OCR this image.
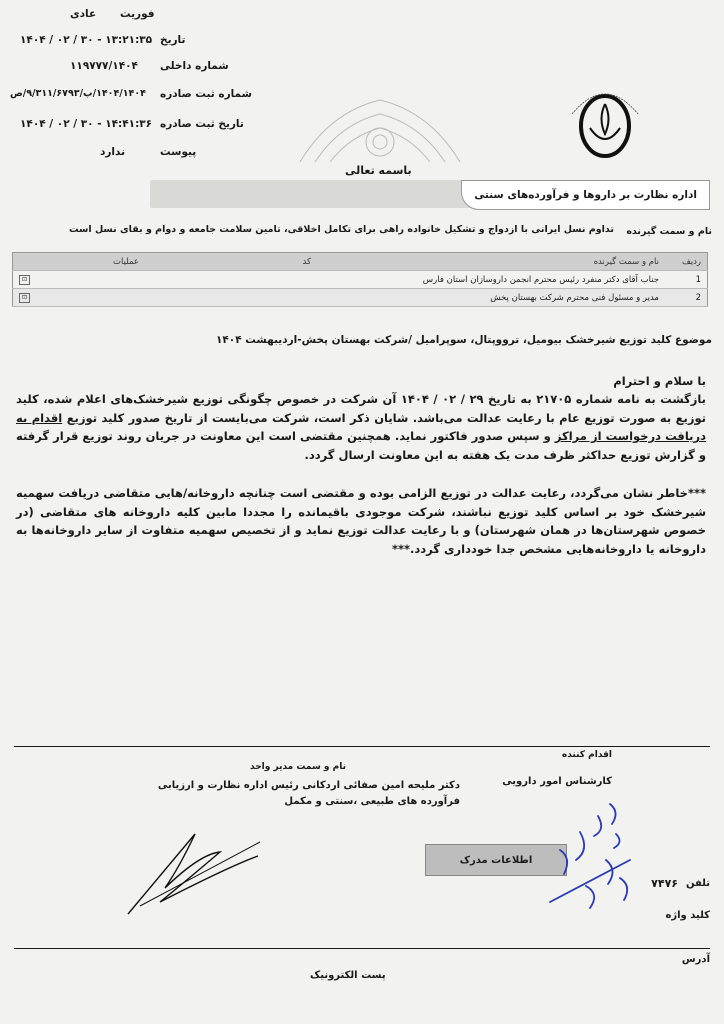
فوریت
عادی
تاریخ
۱۴۰۴ / ۰۲ / ۳۰ - ۱۳:۲۱:۳۵
شماره داخلی
۱۱۹۷۷۷/۱۴۰۴
شماره ثبت صادره
۱۴۰۴/۱۴۰۴/پ/۹/۳۱۱/۶۷۹۳/ص
تاریخ ثبت صادره
۱۴۰۴ / ۰۲ / ۳۰ - ۱۴:۴۱:۳۶
پیوست
ندارد
باسمه تعالی
اداره نظارت بر داروها و فرآورده‌های سنتی
نام و سمت گیرنده
تداوم نسل ایرانی با ازدواج و تشکیل خانواده راهی برای تکامل اخلاقی، تامین سلامت جامعه و دوام و بقای نسل است
ردیف	نام و سمت گیرنده	کد	عملیات
1	جناب آقای دکتر منفرد رئیس محترم انجمن داروسازان استان فارس		⊡
2	مدیر و مسئول فنی محترم شرکت بهستان پخش		⊡
موضوع کلید توزیع شیرخشک بیومیل، ترووپتال، سوپرامیل /شرکت بهستان پخش-اردیبهشت ۱۴۰۴
با سلام و احترام
بازگشت به نامه شماره ۲۱۷۰۵ به تاریخ ۲۹ / ۰۲ / ۱۴۰۴ آن شرکت در خصوص چگونگی توزیع شیرخشک‌های اعلام شده، کلید توزیع به صورت توزیع عام با رعایت عدالت می‌باشد. شایان ذکر است، شرکت می‌بایست از تاریخ صدور کلید توزیع اقدام به دریافت درخواست از مراکز و سپس صدور فاکتور نماید. همچنین مقتضی است این معاونت در جریان روند توزیع قرار گرفته و گزارش توزیع حداکثر ظرف مدت یک هفته به این معاونت ارسال گردد.
***خاطر نشان می‌گردد، رعایت عدالت در توزیع الزامی بوده و مقتضی است چنانچه داروخانه/هایی متقاضی دریافت سهمیه شیرخشک خود بر اساس کلید توزیع نباشند، شرکت موجودی باقیمانده را مجددا مابین کلیه داروخانه های متقاضی (در خصوص شهرستان‌ها در همان شهرستان) و با رعایت عدالت توزیع نماید و از تخصیص سهمیه متفاوت از سایر داروخانه‌ها به داروخانه یا داروخانه‌هایی مشخص جدا خودداری گردد.***
اقدام کننده
کارشناس امور دارویی
تلفن
۷۴۷۶
کلید واژه
آدرس
پست الکترونیک
نام و سمت مدیر واحد
دکتر ملیحه امین صفائی اردکانی رئیس اداره نظارت و ارزیابی فرآورده های طبیعی ،سنتی و مکمل
اطلاعات مدرک
